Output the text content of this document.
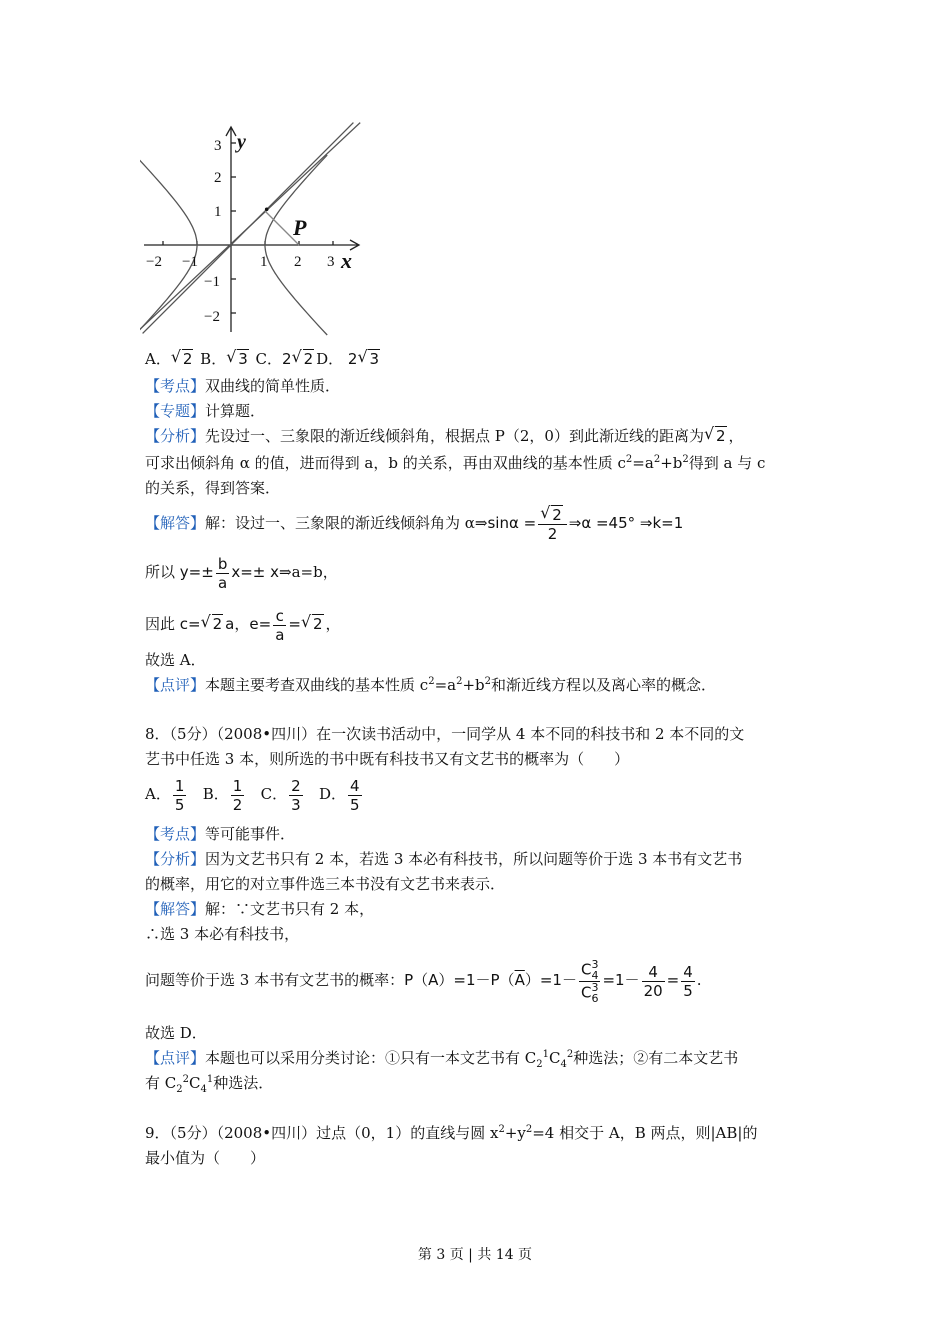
y
x
P
3
2
1
−1
−2
−2 −1	1 2 3
A． √ 2 B． √ 3 C．2 √ 2 D． 2 √ 3
【考点】双曲线的简单性质．
【专题】计算题．
【分析】先设过一、三象限的渐近线倾斜角，根据点 P（2，0）到此渐近线的距离为 √ 2 ，
可求出倾斜角 α 的值，进而得到 a，b 的关系，再由双曲线的基本性质 $c^2=a^2+b^2$得到 a 与 c
的关系，得到答案．
【解答】解：设过一、三象限的渐近线倾斜角为 α⇒sinα = $\frac{√ 2}{2}$ ⇒α =45° ⇒k=1
所以 $y=\pm \frac{b}{a} x=\pm$ x⇒a=b，
因此 c= √ 2 a，$e= \frac{c}{a}$ = √ 2 ，
故选 A．
【点评】本题主要考查双曲线的基本性质 $c^2=a^2+b^2$和渐近线方程以及离心率的概念．
8．（5分）（2008•四川）在一次读书活动中，一同学从 4 本不同的科技书和 2 本不同的文
艺书中任选 3 本，则所选的书中既有科技书又有文艺书的概率为（　　）
A． $\frac{1}{5}$ B． $\frac{1}{2}$ C． $\frac{2}{3}$ D． $\frac{4}{5}$
【考点】等可能事件．
【分析】因为文艺书只有 2 本，若选 3 本必有科技书，所以问题等价于选 3 本书有文艺书
的概率，用它的对立事件选三本书没有文艺书来表示．
【解答】解：∵文艺书只有 2 本，
∴选 3 本必有科技书，
问题等价于选 3 本书有文艺书的概率：$P(A)=1-P(\overline{A})=1- C$ 3
4
C 3
$6 =1- \frac{4}{20} = \frac{4}{5}$ .
故选 D．
【点评】本题也可以采用分类讨论：①只有一本文艺书有 $C_2^1C_4^2$种选法；②有二本文艺书
有 $C_2^2C_4^1$种选法．
9．（5分）（2008•四川）过点（0，1）的直线与圆 $x^2+y^2=4$ 相交于 A，B 两点，则|AB|的
最小值为（　　）
第 3 页 | 共 14 页
